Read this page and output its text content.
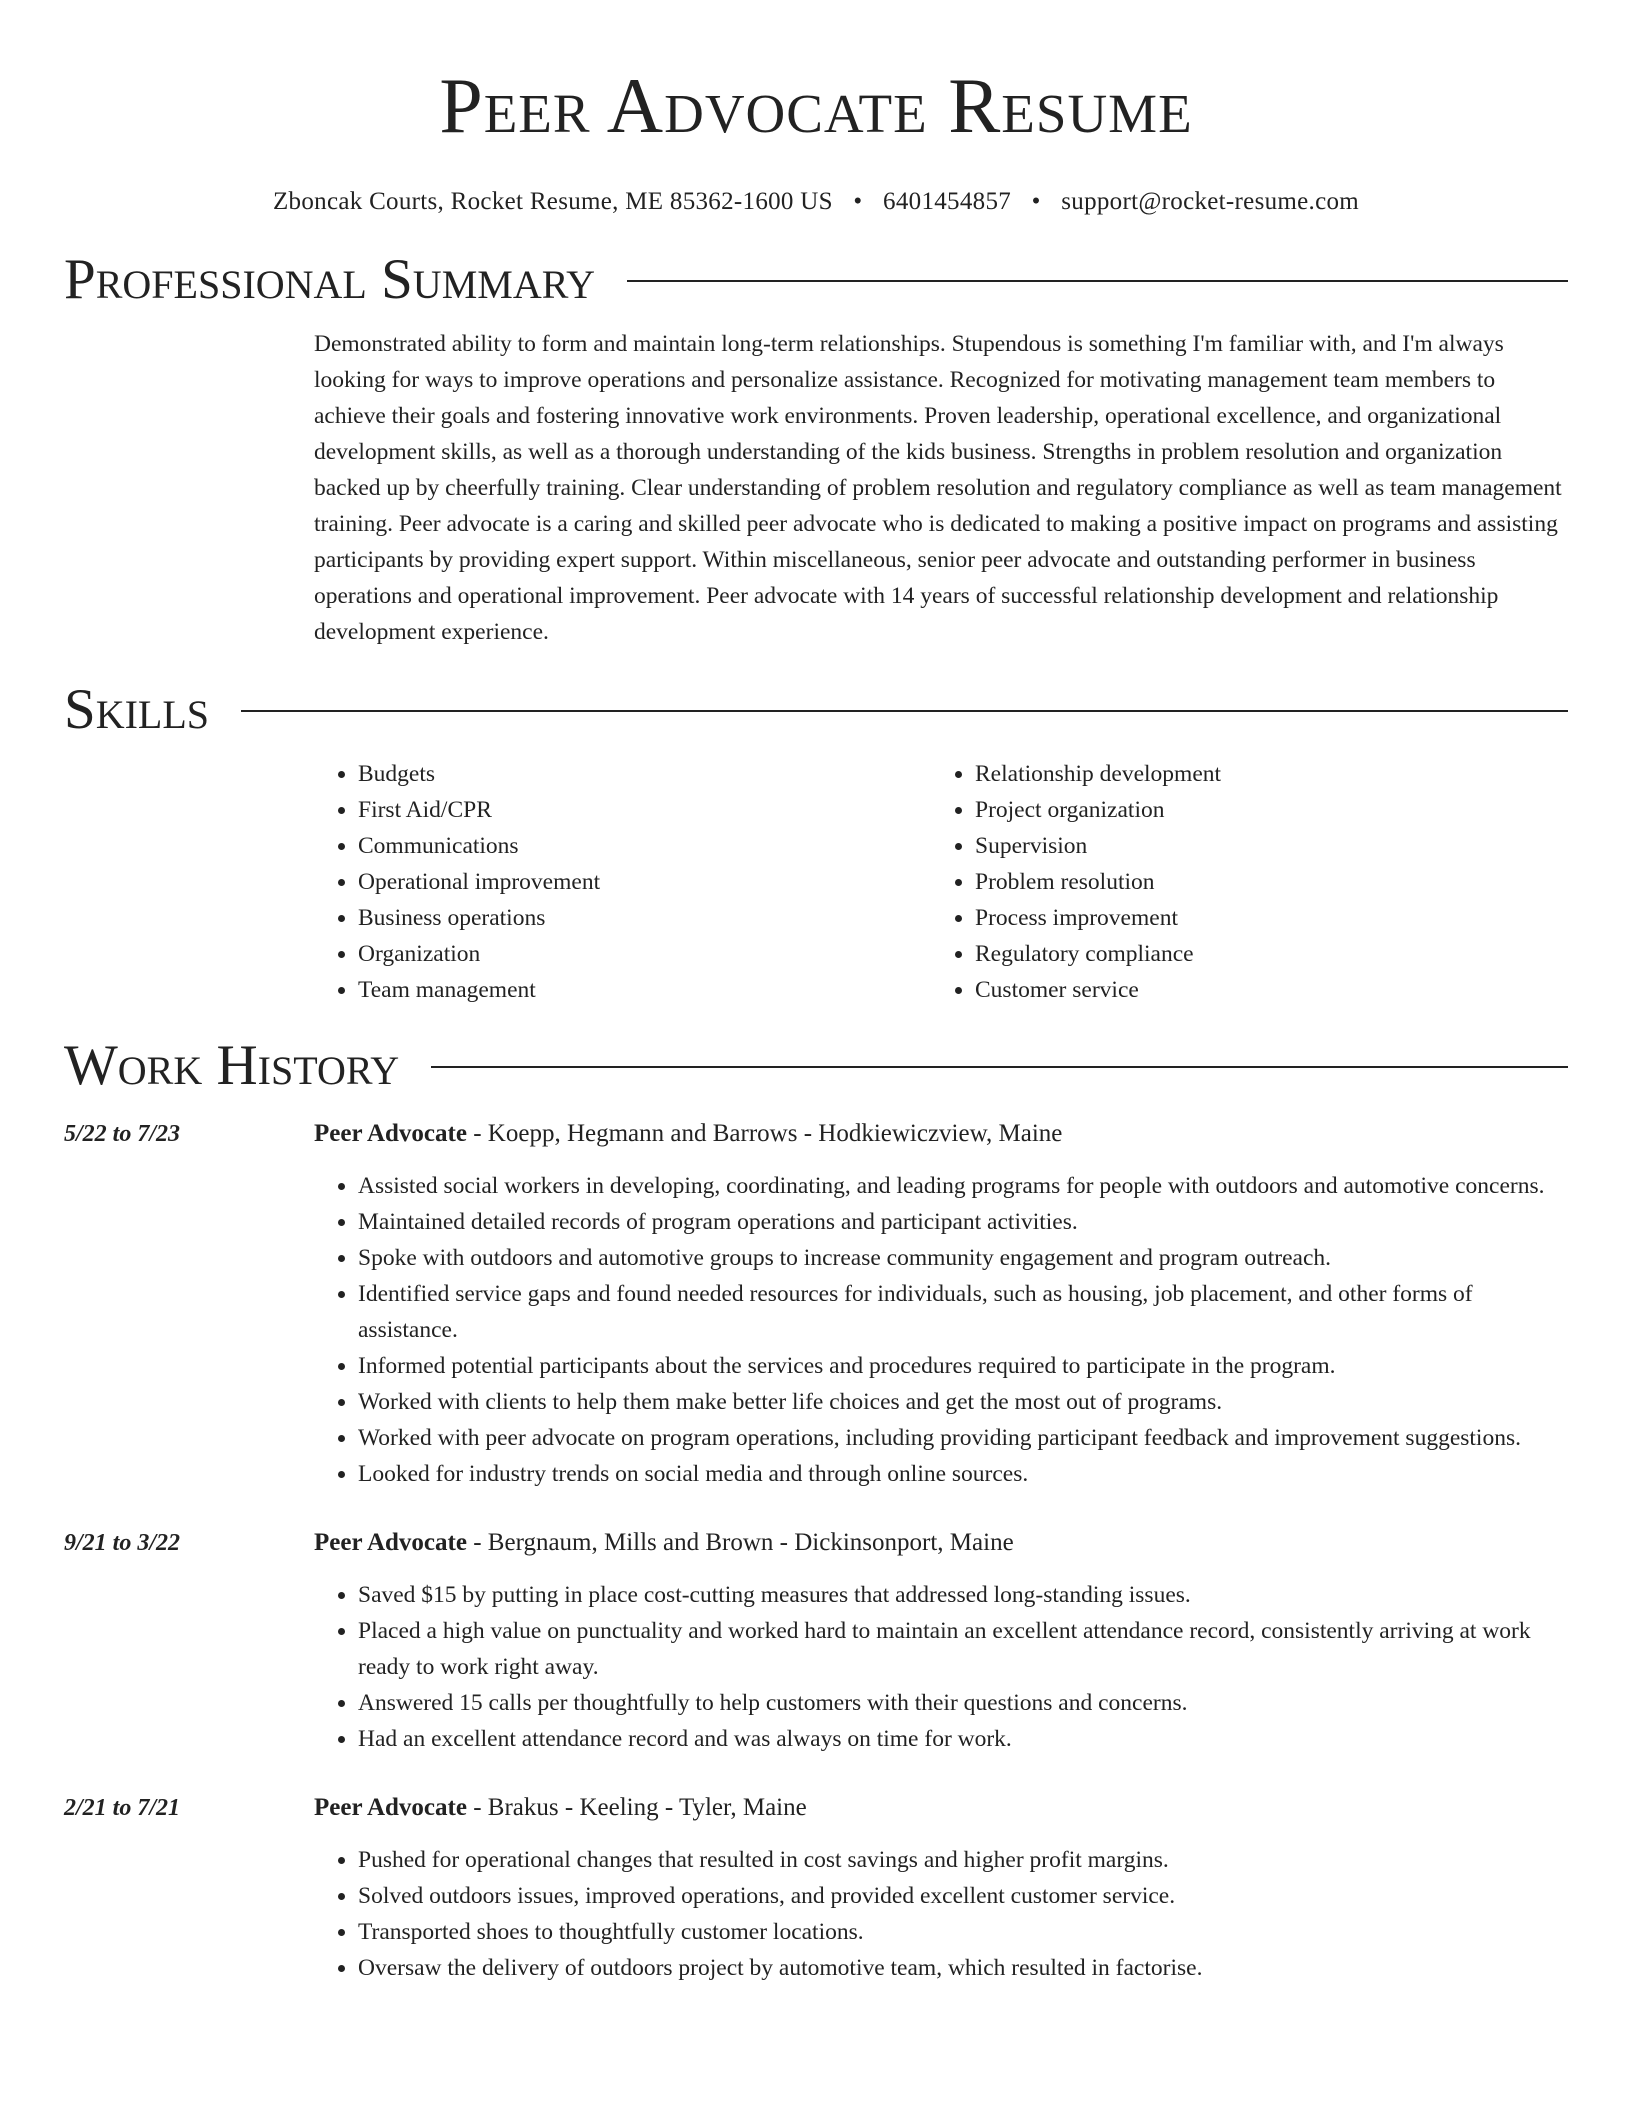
Peer Advocate Resume
Zboncak Courts, Rocket Resume, ME 85362-1600 US • 6401454857 • support@rocket-resume.com
Professional Summary

Demonstrated ability to form and maintain long-term relationships. Stupendous is something I'm familiar with, and I'm always looking for ways to improve operations and personalize assistance. Recognized for motivating management team members to achieve their goals and fostering innovative work environments. Proven leadership, operational excellence, and organizational development skills, as well as a thorough understanding of the kids business. Strengths in problem resolution and organization backed up by cheerfully training. Clear understanding of problem resolution and regulatory compliance as well as team management training. Peer advocate is a caring and skilled peer advocate who is dedicated to making a positive impact on programs and assisting participants by providing expert support. Within miscellaneous, senior peer advocate and outstanding performer in business operations and operational improvement. Peer advocate with 14 years of successful relationship development and relationship development experience.

Skills
• Budgets
• First Aid/CPR
• Communications
• Operational improvement
• Business operations
• Organization
• Team management
• Relationship development
• Project organization
• Supervision
• Problem resolution
• Process improvement
• Regulatory compliance
• Customer service
Work History
5/22 to 7/23	Peer Advocate - Koepp, Hegmann and Barrows - Hodkiewiczview, Maine
• Assisted social workers in developing, coordinating, and leading programs for people with outdoors and automotive concerns.
• Maintained detailed records of program operations and participant activities.
• Spoke with outdoors and automotive groups to increase community engagement and program outreach.
• Identified service gaps and found needed resources for individuals, such as housing, job placement, and other forms of assistance.
• Informed potential participants about the services and procedures required to participate in the program.
• Worked with clients to help them make better life choices and get the most out of programs.
• Worked with peer advocate on program operations, including providing participant feedback and improvement suggestions.
• Looked for industry trends on social media and through online sources.
9/21 to 3/22	Peer Advocate - Bergnaum, Mills and Brown - Dickinsonport, Maine
• Saved $15 by putting in place cost-cutting measures that addressed long-standing issues.
• Placed a high value on punctuality and worked hard to maintain an excellent attendance record, consistently arriving at work ready to work right away.
• Answered 15 calls per thoughtfully to help customers with their questions and concerns.
• Had an excellent attendance record and was always on time for work.
2/21 to 7/21	Peer Advocate - Brakus - Keeling - Tyler, Maine
• Pushed for operational changes that resulted in cost savings and higher profit margins.
• Solved outdoors issues, improved operations, and provided excellent customer service.
• Transported shoes to thoughtfully customer locations.
• Oversaw the delivery of outdoors project by automotive team, which resulted in factorise.
